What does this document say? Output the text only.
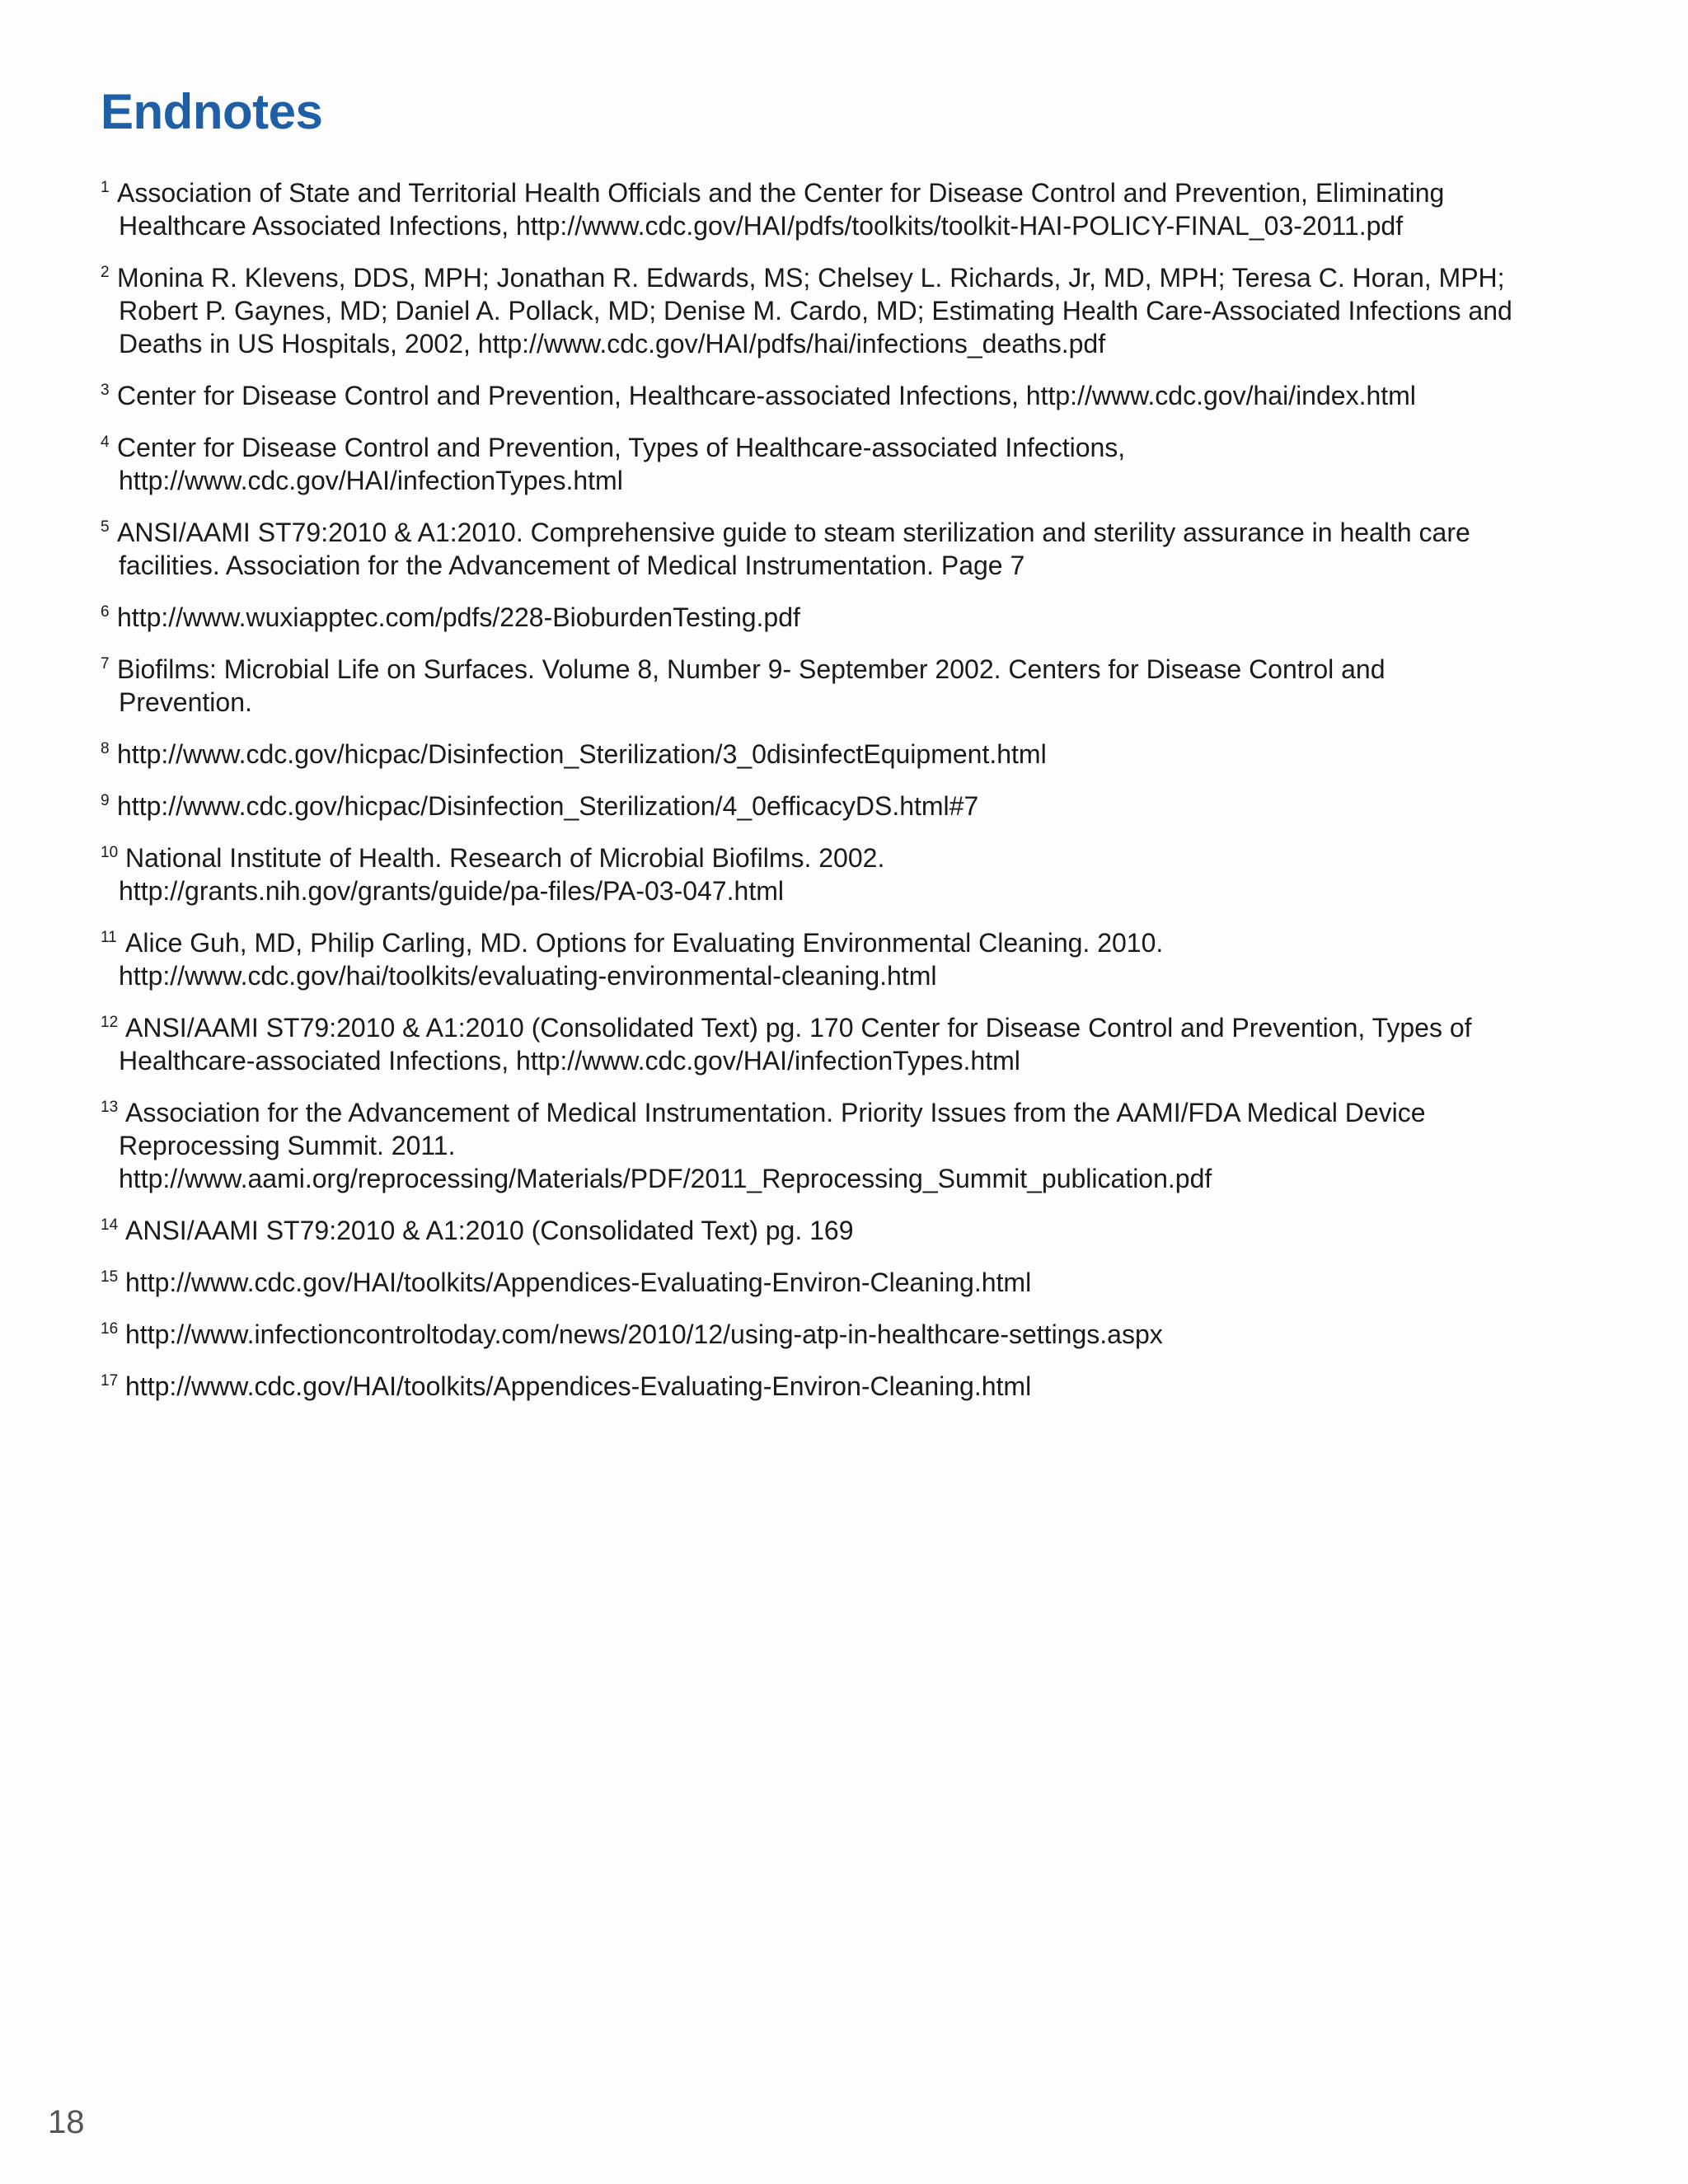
Endnotes
1 Association of State and Territorial Health Officials and the Center for Disease Control and Prevention, Eliminating
Healthcare Associated Infections, http://www.cdc.gov/HAI/pdfs/toolkits/toolkit-HAI-POLICY-FINAL_03-2011.pdf
2 Monina R. Klevens, DDS, MPH; Jonathan R. Edwards, MS; Chelsey L. Richards, Jr, MD, MPH; Teresa C. Horan, MPH;
Robert P. Gaynes, MD; Daniel A. Pollack, MD; Denise M. Cardo, MD; Estimating Health Care-Associated Infections and
Deaths in US Hospitals, 2002, http://www.cdc.gov/HAI/pdfs/hai/infections_deaths.pdf
3 Center for Disease Control and Prevention, Healthcare-associated Infections, http://www.cdc.gov/hai/index.html
4 Center for Disease Control and Prevention, Types of Healthcare-associated Infections,
http://www.cdc.gov/HAI/infectionTypes.html
5 ANSI/AAMI ST79:2010 & A1:2010. Comprehensive guide to steam sterilization and sterility assurance in health care
facilities. Association for the Advancement of Medical Instrumentation. Page 7
6 http://www.wuxiapptec.com/pdfs/228-BioburdenTesting.pdf
7 Biofilms: Microbial Life on Surfaces. Volume 8, Number 9- September 2002. Centers for Disease Control and
Prevention.
8 http://www.cdc.gov/hicpac/Disinfection_Sterilization/3_0disinfectEquipment.html
9 http://www.cdc.gov/hicpac/Disinfection_Sterilization/4_0efficacyDS.html#7
10 National Institute of Health. Research of Microbial Biofilms. 2002.
http://grants.nih.gov/grants/guide/pa-files/PA-03-047.html
11 Alice Guh, MD, Philip Carling, MD. Options for Evaluating Environmental Cleaning. 2010.
http://www.cdc.gov/hai/toolkits/evaluating-environmental-cleaning.html
12 ANSI/AAMI ST79:2010 & A1:2010 (Consolidated Text) pg. 170 Center for Disease Control and Prevention, Types of
Healthcare-associated Infections, http://www.cdc.gov/HAI/infectionTypes.html
13 Association for the Advancement of Medical Instrumentation. Priority Issues from the AAMI/FDA Medical Device
Reprocessing Summit. 2011.
http://www.aami.org/reprocessing/Materials/PDF/2011_Reprocessing_Summit_publication.pdf
14 ANSI/AAMI ST79:2010 & A1:2010 (Consolidated Text) pg. 169
15 http://www.cdc.gov/HAI/toolkits/Appendices-Evaluating-Environ-Cleaning.html
16 http://www.infectioncontroltoday.com/news/2010/12/using-atp-in-healthcare-settings.aspx
17 http://www.cdc.gov/HAI/toolkits/Appendices-Evaluating-Environ-Cleaning.html
18
